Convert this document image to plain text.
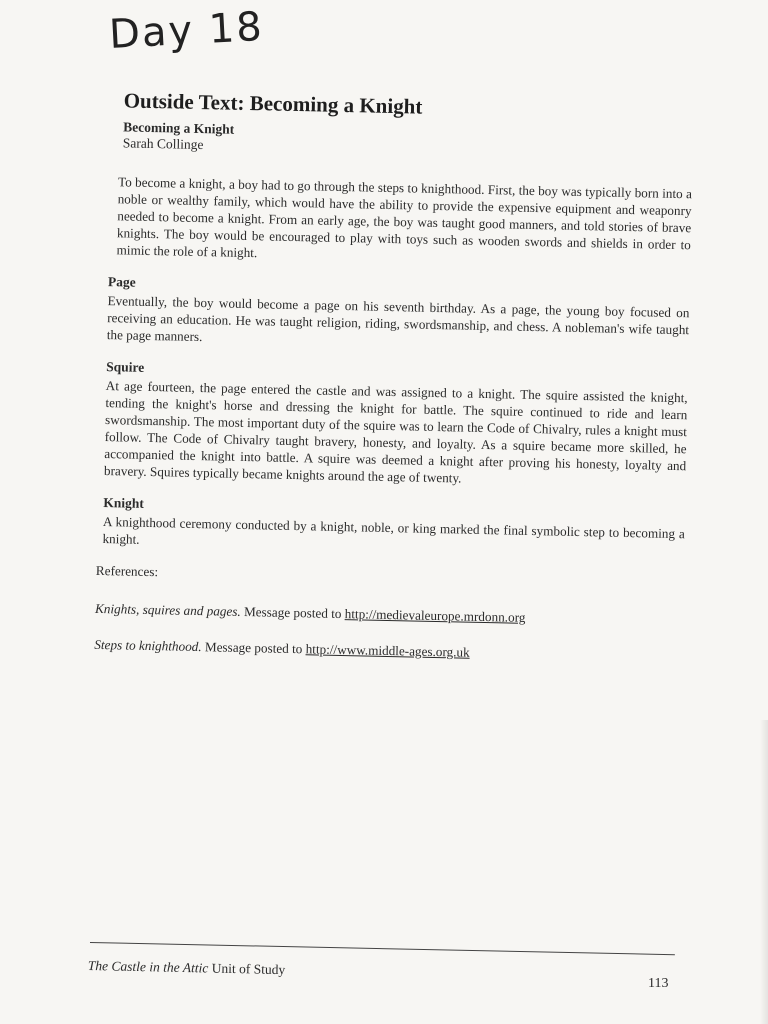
Day 18
Outside Text: Becoming a Knight
Becoming a Knight
Sarah Collinge

To become a knight, a boy had to go through the steps to knighthood. First, the boy was typically born into a noble or wealthy family, which would have the ability to provide the expensive equipment and weaponry needed to become a knight. From an early age, the boy was taught good manners, and told stories of brave knights. The boy would be encouraged to play with toys such as wooden swords and shields in order to mimic the role of a knight.

Page

Eventually, the boy would become a page on his seventh birthday. As a page, the young boy focused on receiving an education. He was taught religion, riding, swordsmanship, and chess. A nobleman's wife taught the page manners.

Squire

At age fourteen, the page entered the castle and was assigned to a knight. The squire assisted the knight, tending the knight's horse and dressing the knight for battle. The squire continued to ride and learn swordsmanship. The most important duty of the squire was to learn the Code of Chivalry, rules a knight must follow. The Code of Chivalry taught bravery, honesty, and loyalty. As a squire became more skilled, he accompanied the knight into battle. A squire was deemed a knight after proving his honesty, loyalty and bravery. Squires typically became knights around the age of twenty.

Knight

A knighthood ceremony conducted by a knight, noble, or king marked the final symbolic step to becoming a knight.

References:
Knights, squires and pages. Message posted to http://medievaleurope.mrdonn.org
Steps to knighthood. Message posted to http://www.middle-ages.org.uk
The Castle in the Attic Unit of Study
113
